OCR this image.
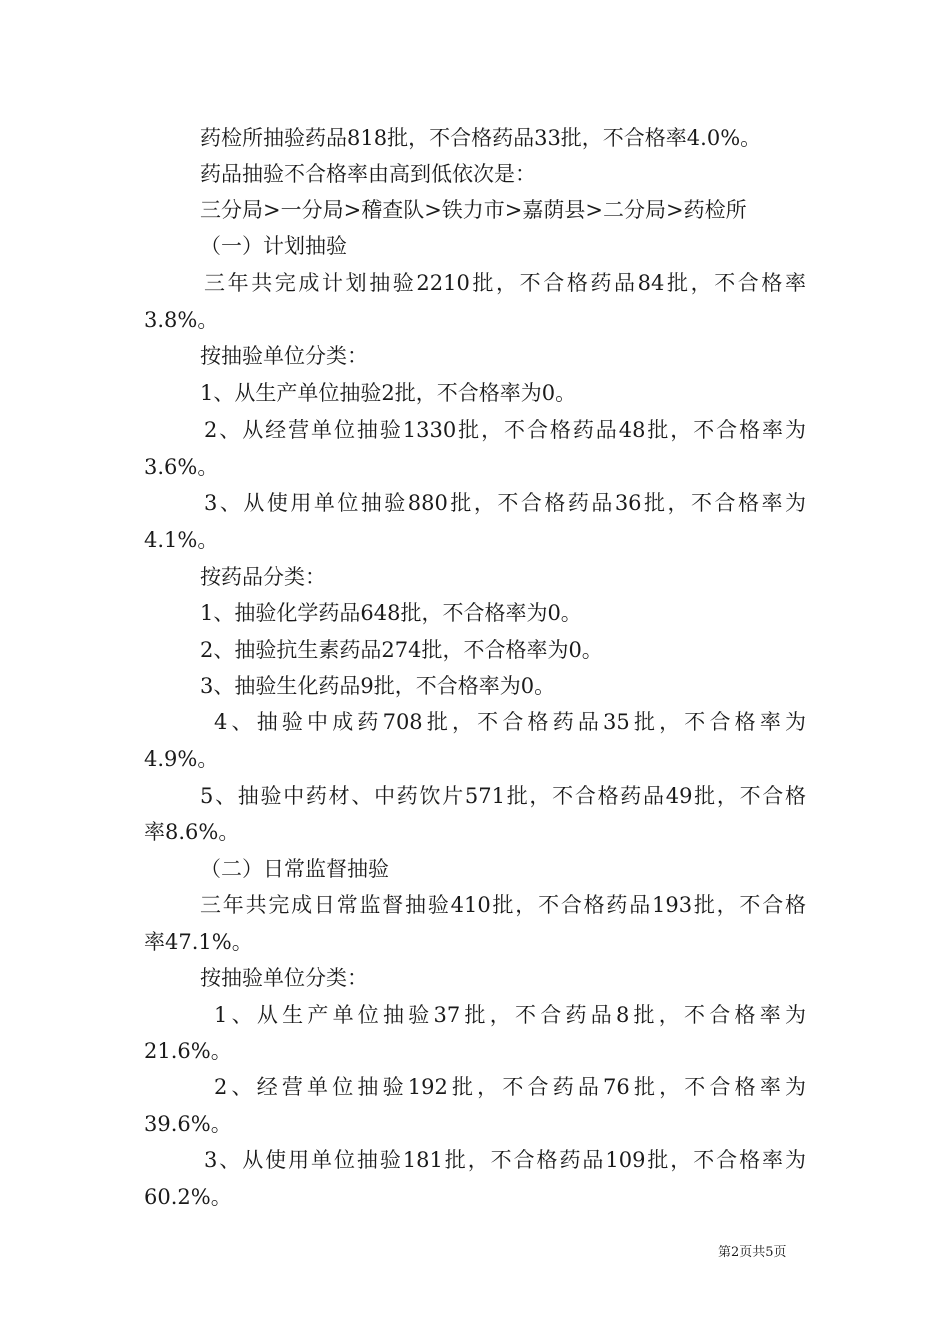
药检所抽验药品818批，不合格药品33批，不合格率4.0%。
药品抽验不合格率由高到低依次是：
三分局>一分局>稽查队>铁力市>嘉荫县>二分局>药检所
（一）计划抽验
三年共完成计划抽验2210批，不合格药品84批，不合格率
3.8%。
按抽验单位分类：
1、从生产单位抽验2批，不合格率为0。
2、从经营单位抽验1330批，不合格药品48批，不合格率为
3.6%。
3、从使用单位抽验880批，不合格药品36批，不合格率为
4.1%。
按药品分类：
1、抽验化学药品648批，不合格率为0。
2、抽验抗生素药品274批，不合格率为0。
3、抽验生化药品9批，不合格率为0。
4、抽验中成药708批，不合格药品35批，不合格率为
4.9%。
5、抽验中药材、中药饮片571批，不合格药品49批，不合格
率8.6%。
（二）日常监督抽验
三年共完成日常监督抽验410批，不合格药品193批，不合格
率47.1%。
按抽验单位分类：
1、从生产单位抽验37批，不合药品8批，不合格率为
21.6%。
2、经营单位抽验192批，不合药品76批，不合格率为
39.6%。
3、从使用单位抽验181批，不合格药品109批，不合格率为
60.2%。
第2页共5页
